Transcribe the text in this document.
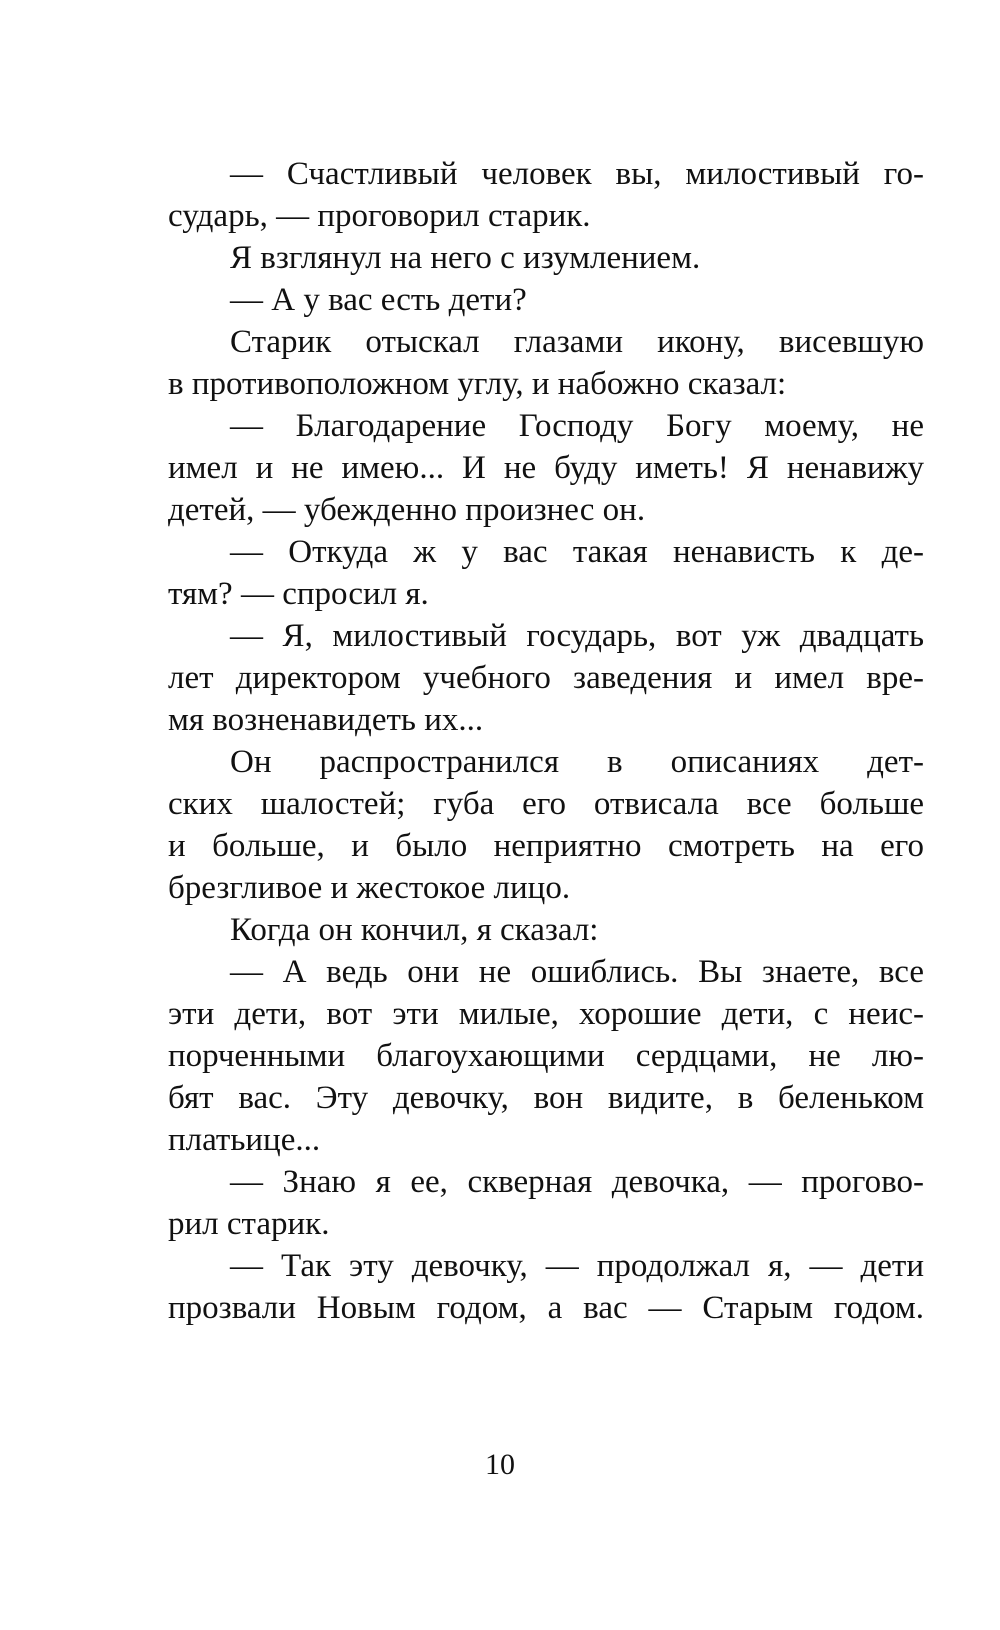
— Счастливый человек вы, милостивый го-
сударь, — проговорил старик.
Я взглянул на него с изумлением.
— А у вас есть дети?
Старик отыскал глазами икону, висевшую
в противоположном углу, и набожно сказал:
— Благодарение Господу Богу моему, не
имел и не имею... И не буду иметь! Я ненавижу
детей, — убежденно произнес он.
— Откуда ж у вас такая ненависть к де-
тям? — спросил я.
— Я, милостивый государь, вот уж двадцать
лет директором учебного заведения и имел вре-
мя возненавидеть их...
Он распространился в описаниях дет-
ских шалостей; губа его отвисала все больше
и больше, и было неприятно смотреть на его
брезгливое и жестокое лицо.
Когда он кончил, я сказал:
— А ведь они не ошиблись. Вы знаете, все
эти дети, вот эти милые, хорошие дети, с неис-
порченными благоухающими сердцами, не лю-
бят вас. Эту девочку, вон видите, в беленьком
платьице...
— Знаю я ее, скверная девочка, — прогово-
рил старик.
— Так эту девочку, — продолжал я, — дети
прозвали Новым годом, а вас — Старым годом.
10
